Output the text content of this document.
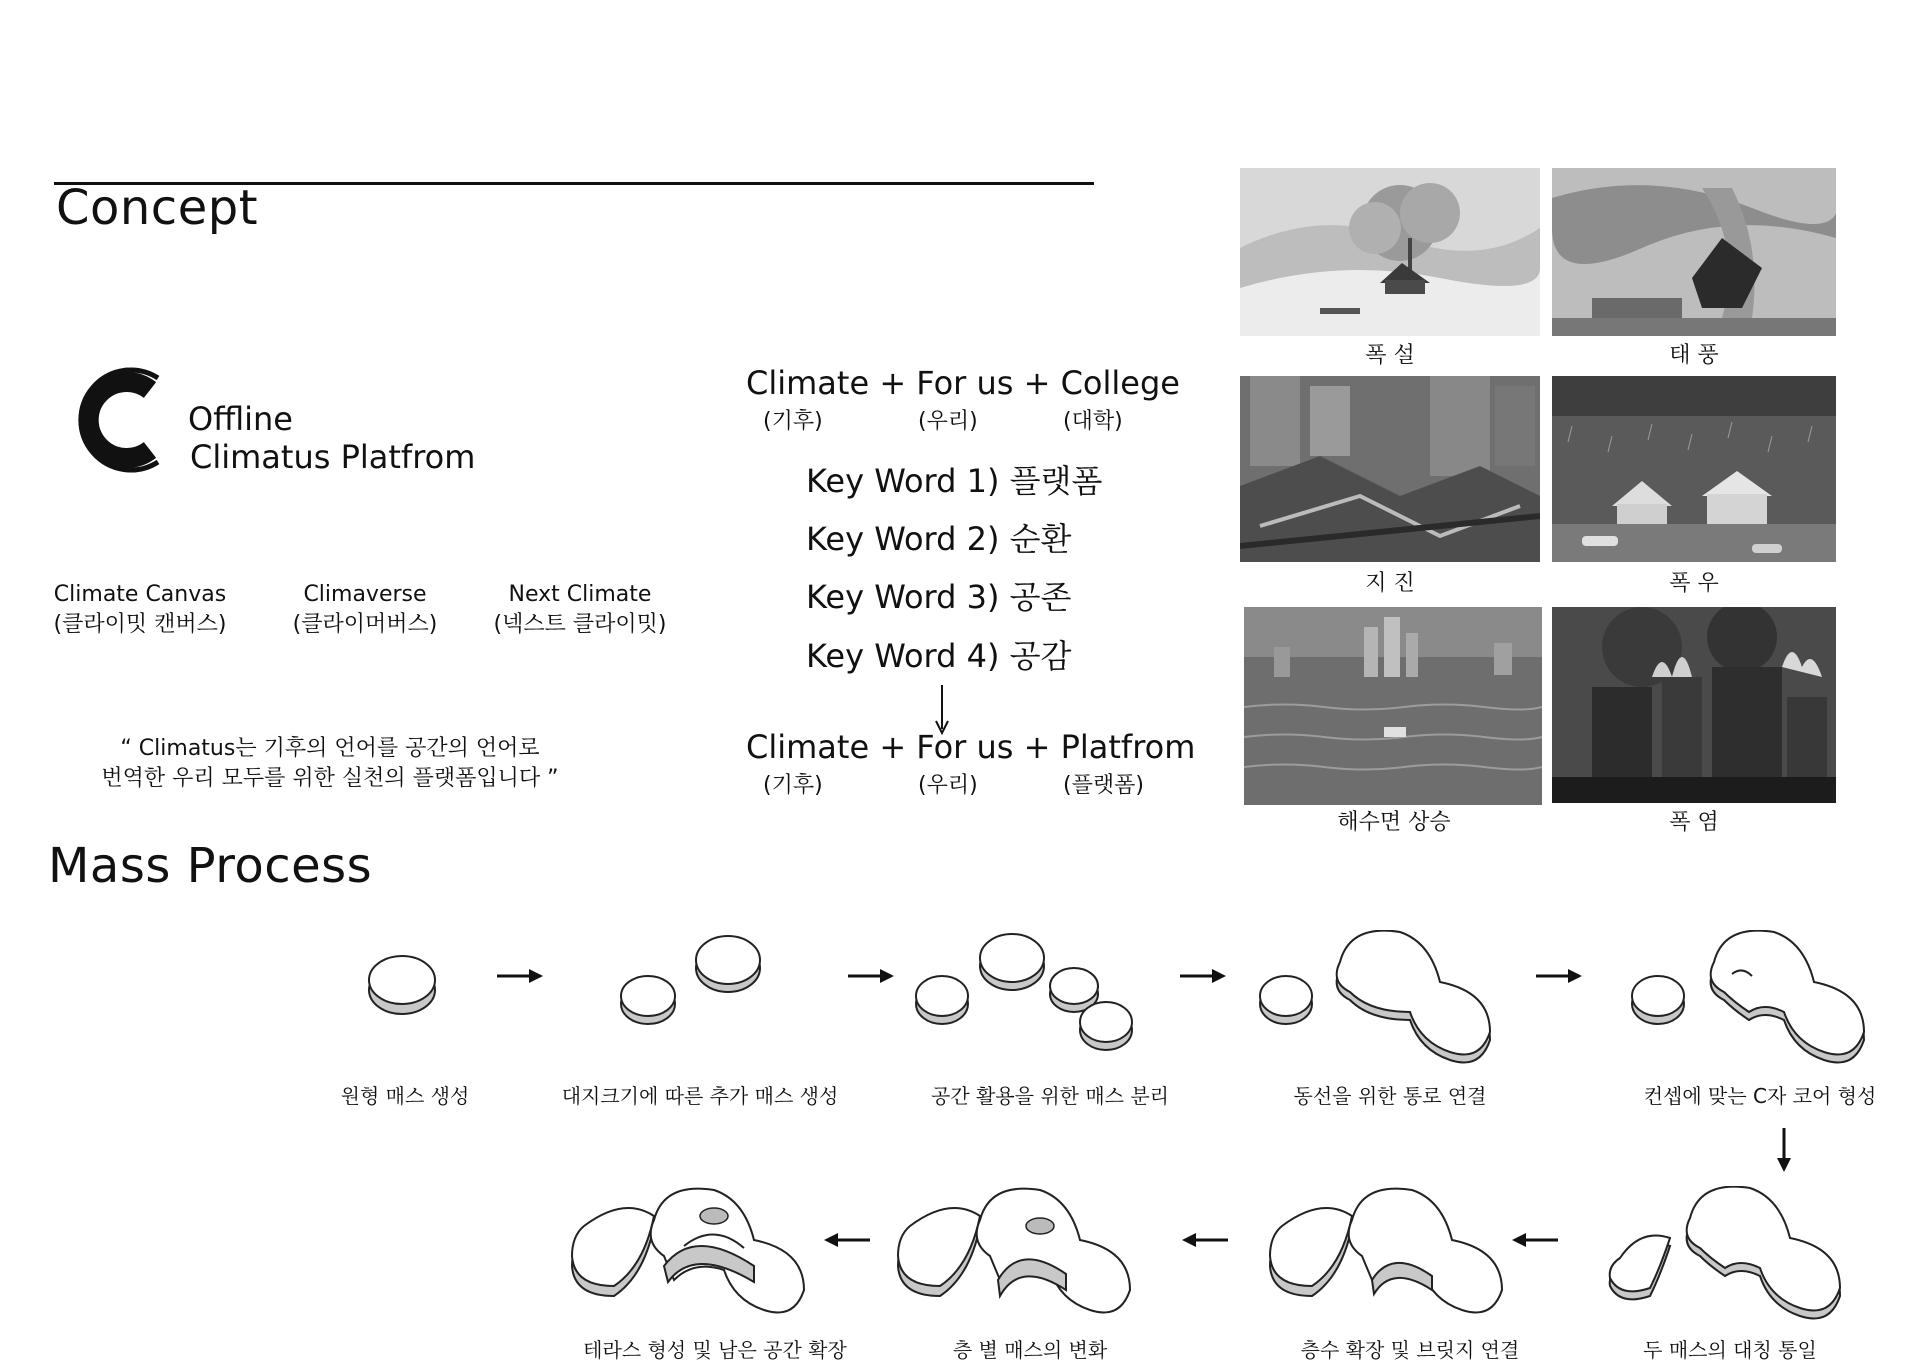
Concept
Offline
Climatus Platfrom
Climate Canvas
(클라이밋 캔버스)
Climaverse
(클라이머버스)
Next Climate
(넥스트 클라이밋)
“ Climatus는 기후의 언어를 공간의 언어로
번역한 우리 모두를 위한 실천의 플랫폼입니다 ”
Climate + For us + College
(기후)	(우리)	(대학)
Key Word 1) 플랫폼
Key Word 2) 순환
Key Word 3) 공존
Key Word 4) 공감
Climate + For us + Platfrom
(기후)	(우리)	(플랫폼)
폭 설	태 풍
지 진	폭 우
해수면 상승	폭 염
Mass Process
원형 매스 생성	대지크기에 따른 추가 매스 생성	공간 활용을 위한 매스 분리	동선을 위한 통로 연결	컨셉에 맞는 C자 코어 형성
두 매스의 대칭 통일
층수 확장 및 브릿지 연결
층 별 매스의 변화
테라스 형성 및 남은 공간 확장
